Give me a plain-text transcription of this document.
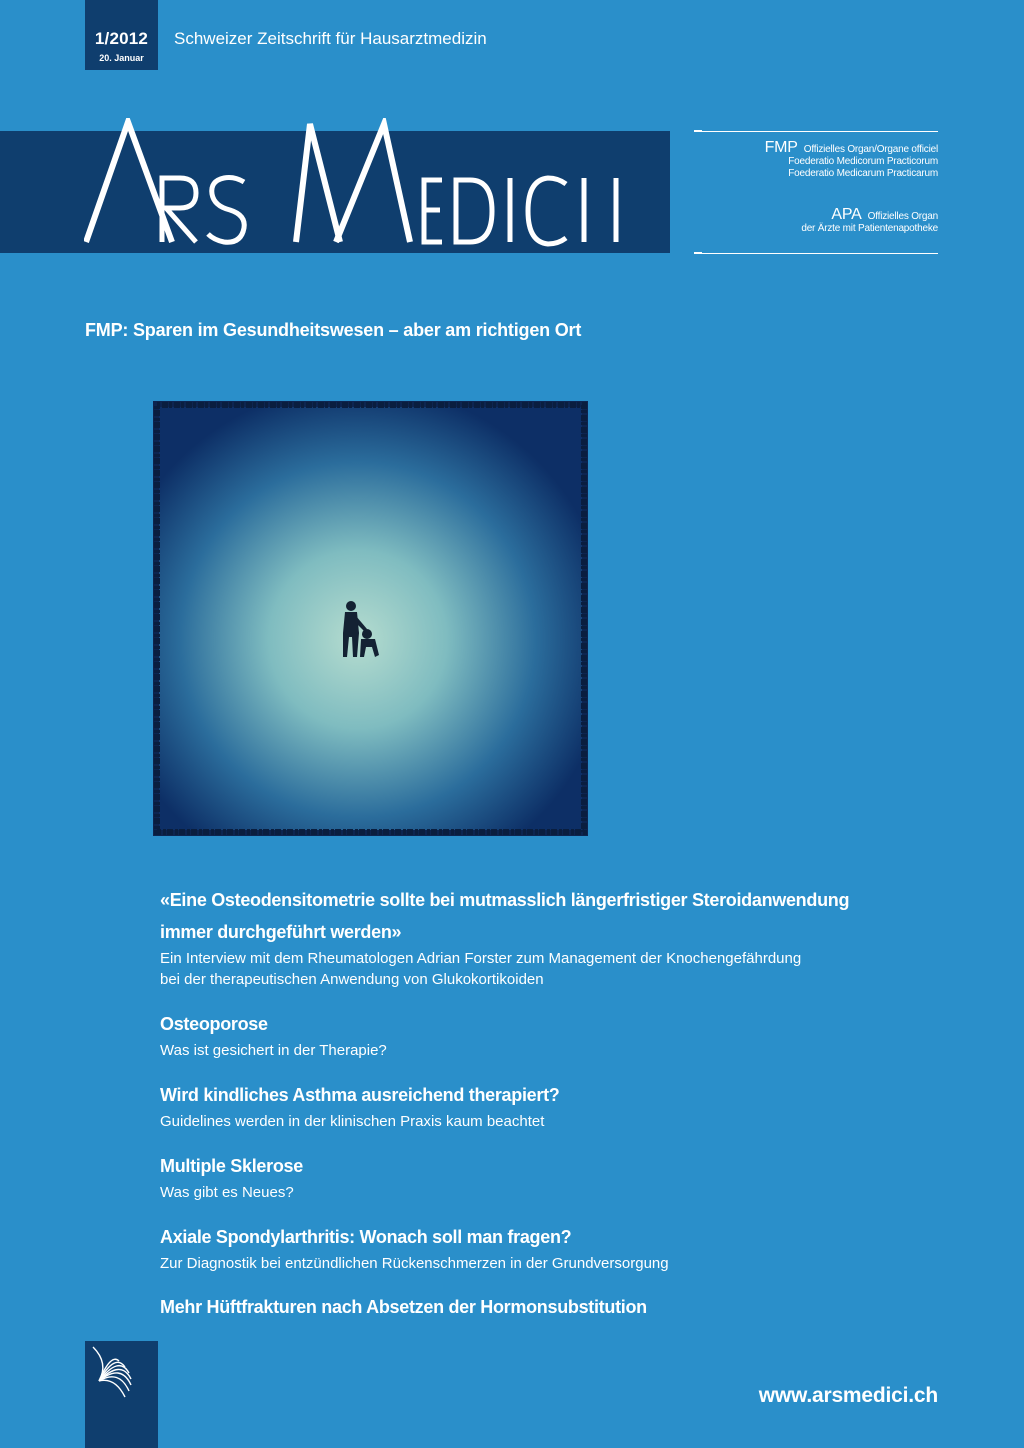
1/2012
20. Januar
Schweizer Zeitschrift für Hausarztmedizin
FMP Offizielles Organ/Organe officiel
Foederatio Medicorum Practicorum
Foederatio Medicarum Practicarum
APA Offizielles Organ
der Ärzte mit Patientenapotheke
FMP: Sparen im Gesundheitswesen – aber am richtigen Ort
«Eine Osteodensitometrie sollte bei mutmasslich längerfristiger Steroidanwendung
immer durchgeführt werden»
Ein Interview mit dem Rheumatologen Adrian Forster zum Management der Knochengefährdung
bei der therapeutischen Anwendung von Glukokortikoiden
Osteoporose
Was ist gesichert in der Therapie?
Wird kindliches Asthma ausreichend therapiert?
Guidelines werden in der klinischen Praxis kaum beachtet
Multiple Sklerose
Was gibt es Neues?
Axiale Spondylarthritis: Wonach soll man fragen?
Zur Diagnostik bei entzündlichen Rückenschmerzen in der Grundversorgung
Mehr Hüftfrakturen nach Absetzen der Hormonsubstitution
www.arsmedici.ch
